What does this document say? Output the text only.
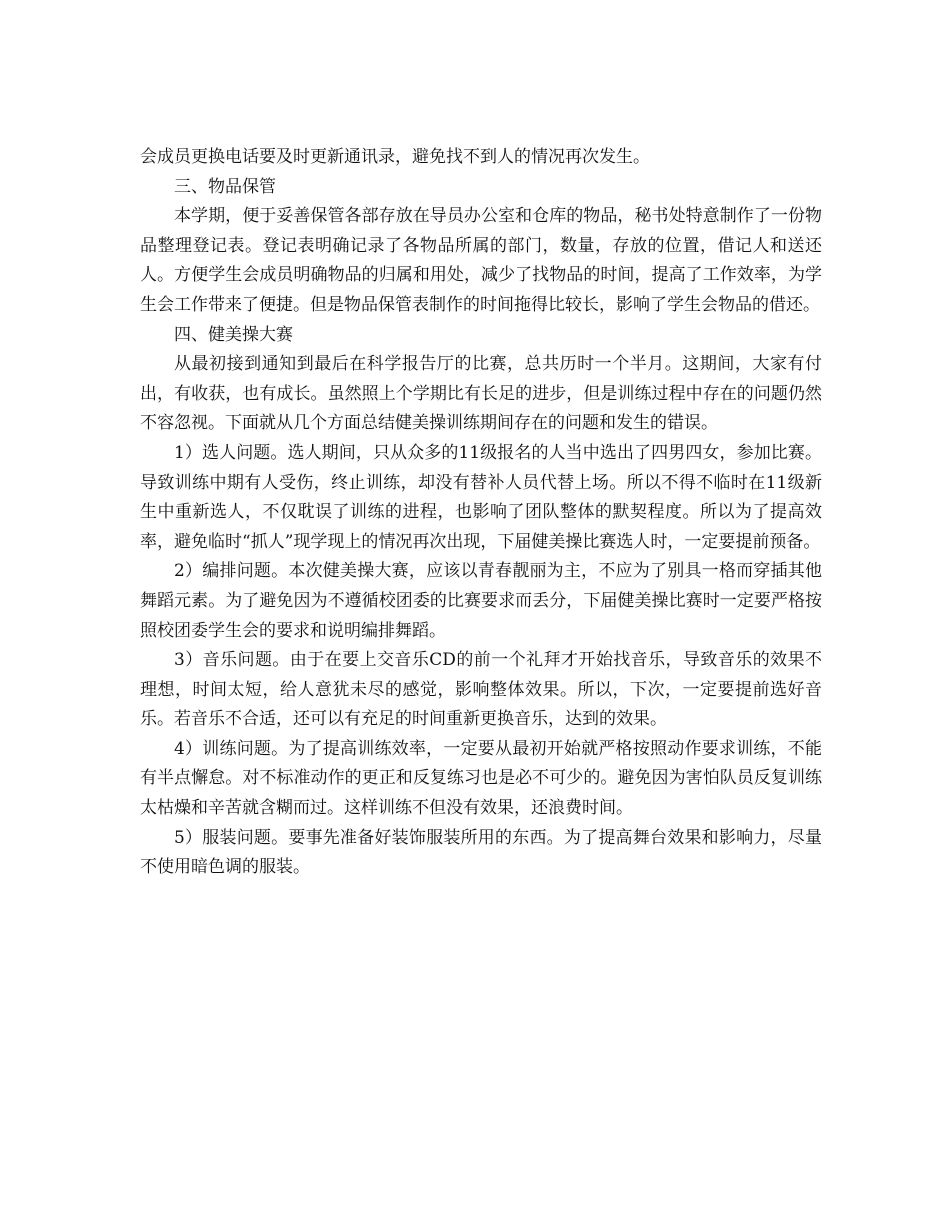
会成员更换电话要及时更新通讯录，避免找不到人的情况再次发生。

三、物品保管

本学期，便于妥善保管各部存放在导员办公室和仓库的物品，秘书处特意制作了一份物品整理登记表。登记表明确记录了各物品所属的部门，数量，存放的位置，借记人和送还人。方便学生会成员明确物品的归属和用处，减少了找物品的时间，提高了工作效率，为学生会工作带来了便捷。但是物品保管表制作的时间拖得比较长，影响了学生会物品的借还。

四、健美操大赛

从最初接到通知到最后在科学报告厅的比赛，总共历时一个半月。这期间，大家有付出，有收获，也有成长。虽然照上个学期比有长足的进步，但是训练过程中存在的问题仍然不容忽视。下面就从几个方面总结健美操训练期间存在的问题和发生的错误。

1）选人问题。选人期间，只从众多的11级报名的人当中选出了四男四女，参加比赛。导致训练中期有人受伤，终止训练，却没有替补人员代替上场。所以不得不临时在11级新生中重新选人，不仅耽误了训练的进程，也影响了团队整体的默契程度。所以为了提高效率，避免临时“抓人”现学现上的情况再次出现，下届健美操比赛选人时，一定要提前预备。

2）编排问题。本次健美操大赛，应该以青春靓丽为主，不应为了别具一格而穿插其他舞蹈元素。为了避免因为不遵循校团委的比赛要求而丢分，下届健美操比赛时一定要严格按照校团委学生会的要求和说明编排舞蹈。

3）音乐问题。由于在要上交音乐CD的前一个礼拜才开始找音乐，导致音乐的效果不理想，时间太短，给人意犹未尽的感觉，影响整体效果。所以，下次，一定要提前选好音乐。若音乐不合适，还可以有充足的时间重新更换音乐，达到的效果。

4）训练问题。为了提高训练效率，一定要从最初开始就严格按照动作要求训练，不能有半点懈怠。对不标准动作的更正和反复练习也是必不可少的。避免因为害怕队员反复训练太枯燥和辛苦就含糊而过。这样训练不但没有效果，还浪费时间。

5）服装问题。要事先准备好装饰服装所用的东西。为了提高舞台效果和影响力，尽量不使用暗色调的服装。
